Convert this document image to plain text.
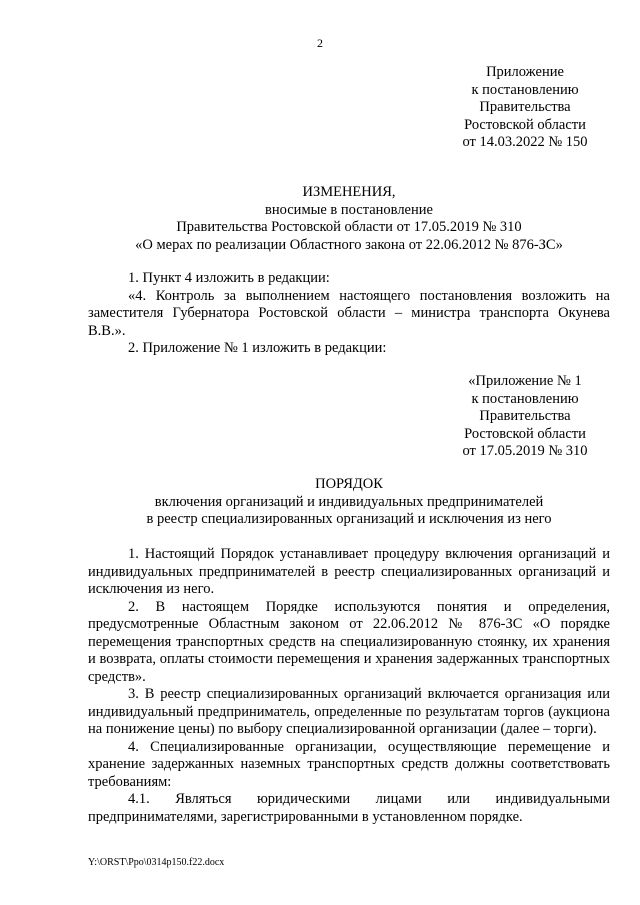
2
Приложение
к постановлению
Правительства
Ростовской области
от 14.03.2022 № 150
ИЗМЕНЕНИЯ,
вносимые в постановление
Правительства Ростовской области от 17.05.2019 № 310
«О мерах по реализации Областного закона от 22.06.2012 № 876-ЗС»

1. Пункт 4 изложить в редакции:

«4. Контроль за выполнением настоящего постановления возложить на заместителя Губернатора Ростовской области – министра транспорта Окунева В.В.».

2. Приложение № 1 изложить в редакции:

«Приложение № 1
к постановлению
Правительства
Ростовской области
от 17.05.2019 № 310
ПОРЯДОК
включения организаций и индивидуальных предпринимателей
в реестр специализированных организаций и исключения из него

1. Настоящий Порядок устанавливает процедуру включения организаций и индивидуальных предпринимателей в реестр специализированных организаций и исключения из него.

2. В настоящем Порядке используются понятия и определения, предусмотренные Областным законом от 22.06.2012 № 876-ЗС «О порядке перемещения транспортных средств на специализированную стоянку, их хранения и возврата, оплаты стоимости перемещения и хранения задержанных транспортных средств».

3. В реестр специализированных организаций включается организация или индивидуальный предприниматель, определенные по результатам торгов (аукциона на понижение цены) по выбору специализированной организации (далее – торги).

4. Специализированные организации, осуществляющие перемещение и хранение задержанных наземных транспортных средств должны соответствовать требованиям:

4.1. Являться юридическими лицами или индивидуальными предпринимателями, зарегистрированными в установленном порядке.

Y:\ORST\Ppo\0314p150.f22.docx
